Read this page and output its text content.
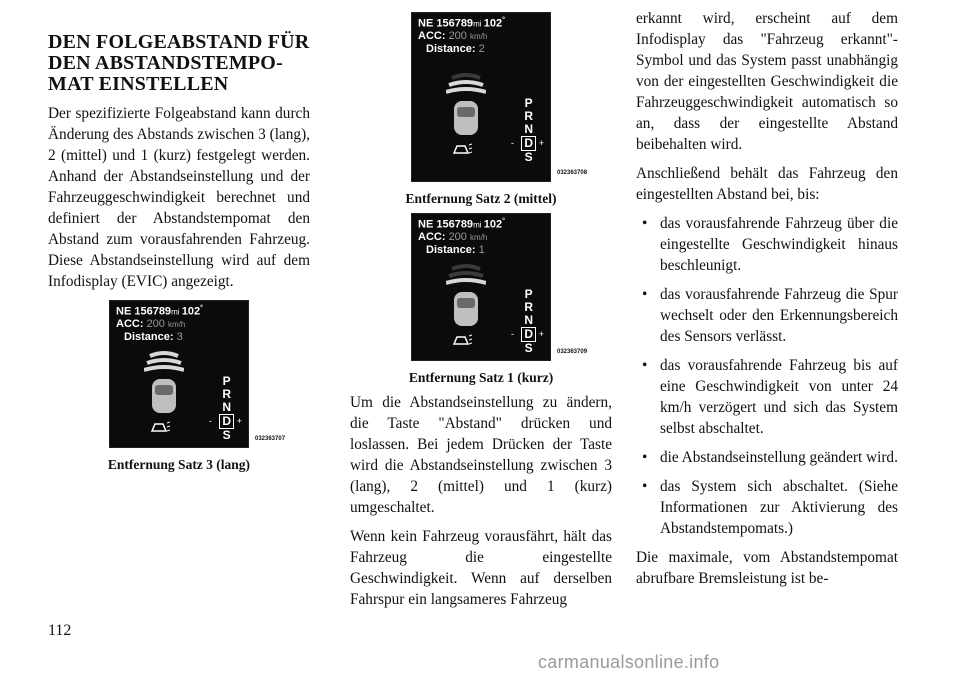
DEN FOLGEABSTAND FÜR DEN ABSTANDSTEMPO-MAT EINSTELLEN

Der spezifizierte Folgeabstand kann durch Änderung des Abstands zwischen 3 (lang), 2 (mittel) und 1 (kurz) festgelegt werden. Anhand der Abstandseinstellung und der Fahrzeuggeschwindigkeit berechnet und definiert der Abstandstempomat den Abstand zum vorausfahrenden Fahrzeug. Diese Abstandseinstellung wird auf dem Infodisplay (EVIC) angezeigt.

NE 156789mi 102°
ACC: 200 km/h
Distance: 3
P
R
N
D
S
-	+
032363707
Entfernung Satz 3 (lang)
NE 156789mi 102°
ACC: 200 km/h
Distance: 2
P
R
N
D
S
-	+
032363708
Entfernung Satz 2 (mittel)
NE 156789mi 102°
ACC: 200 km/h
Distance: 1
P
R
N
D
S
-	+
032363709
Entfernung Satz 1 (kurz)

Um die Abstandseinstellung zu ändern, die Taste "Abstand" drücken und loslassen. Bei jedem Drücken der Taste wird die Abstandseinstellung zwischen 3 (lang), 2 (mittel) und 1 (kurz) umgeschaltet.

Wenn kein Fahrzeug vorausfährt, hält das Fahrzeug die eingestellte Geschwindigkeit. Wenn auf derselben Fahrspur ein langsameres Fahrzeug

erkannt wird, erscheint auf dem Infodisplay das "Fahrzeug erkannt"-Symbol und das System passt unabhängig von der eingestellten Geschwindigkeit die Fahrzeuggeschwindigkeit automatisch so an, dass der eingestellte Abstand beibehalten wird.

Anschließend behält das Fahrzeug den eingestellten Abstand bei, bis:

• das vorausfahrende Fahrzeug über die eingestellte Geschwindigkeit hinaus beschleunigt.
• das vorausfahrende Fahrzeug die Spur wechselt oder den Erkennungsbereich des Sensors verlässt.
• das vorausfahrende Fahrzeug bis auf eine Geschwindigkeit von unter 24 km/h verzögert und sich das System selbst abschaltet.
• die Abstandseinstellung geändert wird.
• das System sich abschaltet. (Siehe Informationen zur Aktivierung des Abstandstempomats.)

Die maximale, vom Abstandstempomat abrufbare Bremsleistung ist be-

112
carmanualsonline.info
